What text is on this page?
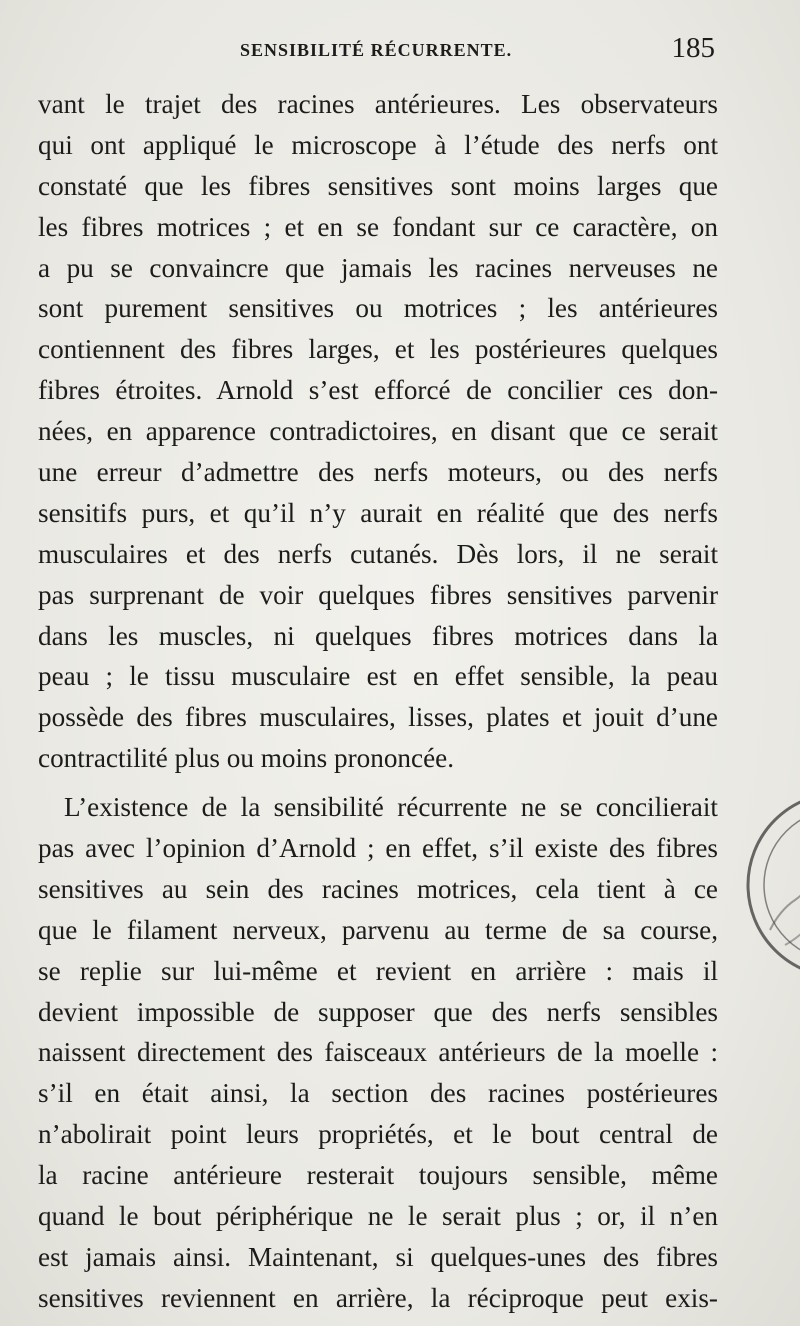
SENSIBILITÉ RÉCURRENTE.	185
vant le trajet des racines antérieures. Les observateurs
qui ont appliqué le microscope à l’étude des nerfs ont
constaté que les fibres sensitives sont moins larges que
les fibres motrices ; et en se fondant sur ce caractère, on
a pu se convaincre que jamais les racines nerveuses ne
sont purement sensitives ou motrices ; les antérieures
contiennent des fibres larges, et les postérieures quelques
fibres étroites. Arnold s’est efforcé de concilier ces don-
nées, en apparence contradictoires, en disant que ce serait
une erreur d’admettre des nerfs moteurs, ou des nerfs
sensitifs purs, et qu’il n’y aurait en réalité que des nerfs
musculaires et des nerfs cutanés. Dès lors, il ne serait
pas surprenant de voir quelques fibres sensitives parvenir
dans les muscles, ni quelques fibres motrices dans la
peau ; le tissu musculaire est en effet sensible, la peau
possède des fibres musculaires, lisses, plates et jouit d’une
contractilité plus ou moins prononcée.
L’existence de la sensibilité récurrente ne se concilierait
pas avec l’opinion d’Arnold ; en effet, s’il existe des fibres
sensitives au sein des racines motrices, cela tient à ce
que le filament nerveux, parvenu au terme de sa course,
se replie sur lui-même et revient en arrière : mais il
devient impossible de supposer que des nerfs sensibles
naissent directement des faisceaux antérieurs de la moelle :
s’il en était ainsi, la section des racines postérieures
n’abolirait point leurs propriétés, et le bout central de
la racine antérieure resterait toujours sensible, même
quand le bout périphérique ne le serait plus ; or, il n’en
est jamais ainsi. Maintenant, si quelques-unes des fibres
sensitives reviennent en arrière, la réciproque peut exis-
